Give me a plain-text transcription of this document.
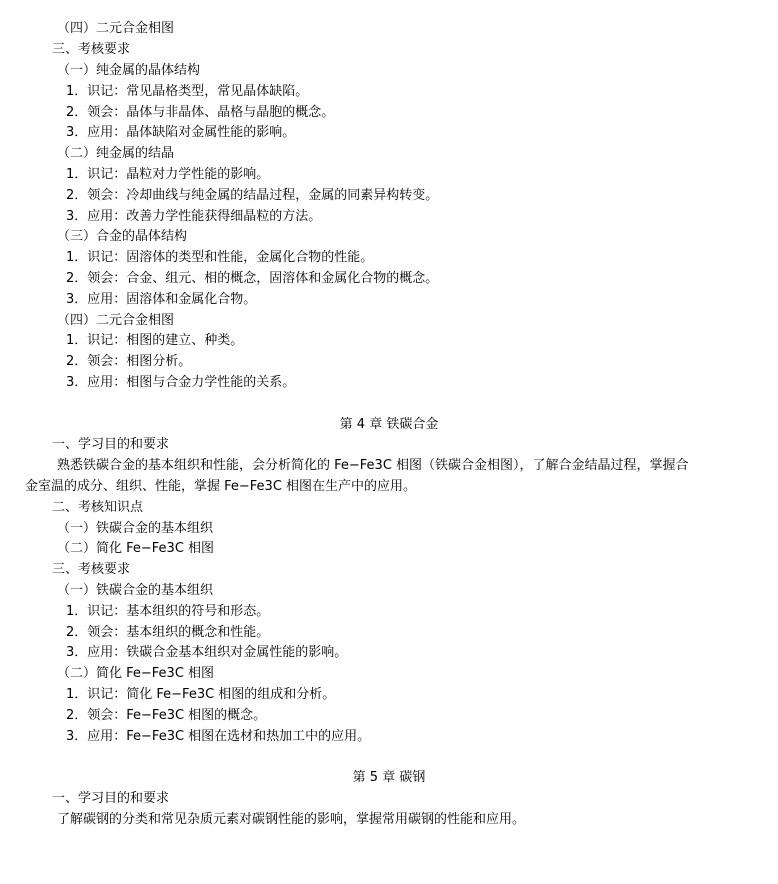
（四）二元合金相图
三、考核要求
（一）纯金属的晶体结构
1．识记：常见晶格类型，常见晶体缺陷。
2．领会：晶体与非晶体、晶格与晶胞的概念。
3．应用：晶体缺陷对金属性能的影响。
（二）纯金属的结晶
1．识记：晶粒对力学性能的影响。
2．领会：冷却曲线与纯金属的结晶过程，金属的同素异构转变。
3．应用：改善力学性能获得细晶粒的方法。
（三）合金的晶体结构
1．识记：固溶体的类型和性能，金属化合物的性能。
2．领会：合金、组元、相的概念，固溶体和金属化合物的概念。
3．应用：固溶体和金属化合物。
（四）二元合金相图
1．识记：相图的建立、种类。
2．领会：相图分析。
3．应用：相图与合金力学性能的关系。
第 4 章 铁碳合金
一、学习目的和要求
熟悉铁碳合金的基本组织和性能，会分析简化的 Fe−Fe3C 相图（铁碳合金相图），了解合金结晶过程，掌握合
金室温的成分、组织、性能，掌握 Fe−Fe3C 相图在生产中的应用。
二、考核知识点
（一）铁碳合金的基本组织
（二）简化 Fe−Fe3C 相图
三、考核要求
（一）铁碳合金的基本组织
1．识记：基本组织的符号和形态。
2．领会：基本组织的概念和性能。
3．应用：铁碳合金基本组织对金属性能的影响。
（二）简化 Fe−Fe3C 相图
1．识记：简化 Fe−Fe3C 相图的组成和分析。
2．领会：Fe−Fe3C 相图的概念。
3．应用：Fe−Fe3C 相图在选材和热加工中的应用。
第 5 章 碳钢
一、学习目的和要求
了解碳钢的分类和常见杂质元素对碳钢性能的影响，掌握常用碳钢的性能和应用。
